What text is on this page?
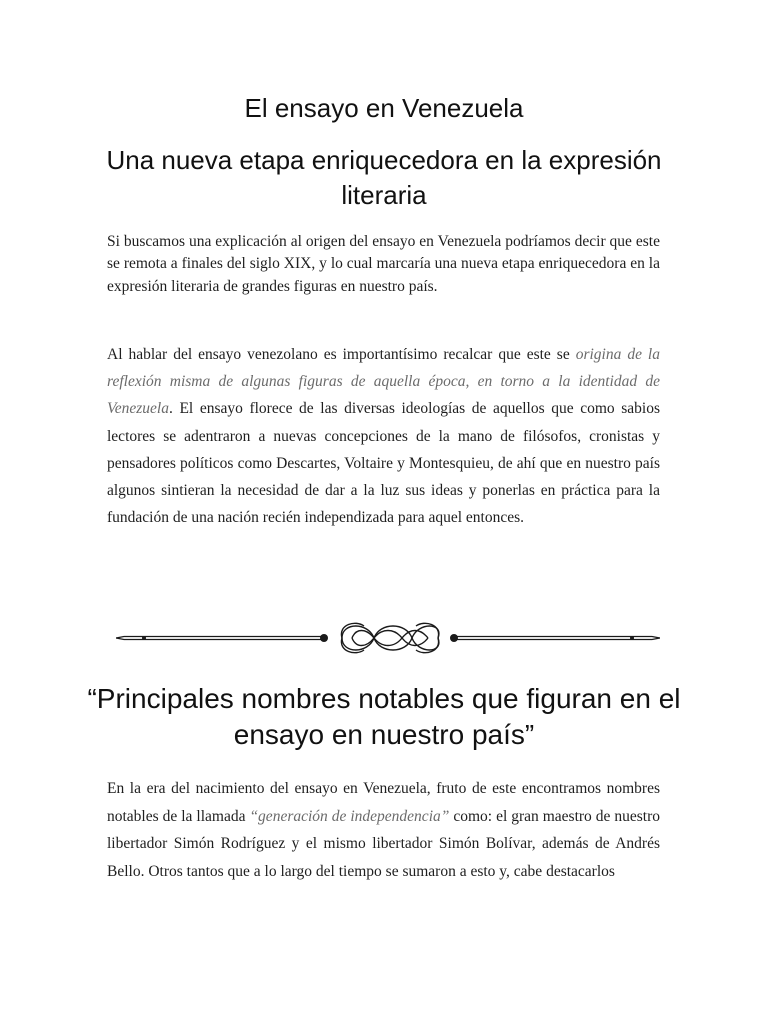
El ensayo en Venezuela
Una nueva etapa enriquecedora en la expresión literaria

Si buscamos una explicación al origen del ensayo en Venezuela podríamos decir que este se remota a finales del siglo XIX, y lo cual marcaría una nueva etapa enriquecedora en la expresión literaria de grandes figuras en nuestro país.

Al hablar del ensayo venezolano es importantísimo recalcar que este se origina de la reflexión misma de algunas figuras de aquella época, en torno a la identidad de Venezuela. El ensayo florece de las diversas ideologías de aquellos que como sabios lectores se adentraron a nuevas concepciones de la mano de filósofos, cronistas y pensadores políticos como Descartes, Voltaire y Montesquieu, de ahí que en nuestro país algunos sintieran la necesidad de dar a la luz sus ideas y ponerlas en práctica para la fundación de una nación recién independizada para aquel entonces.

“Principales nombres notables que figuran en el ensayo en nuestro país”

En la era del nacimiento del ensayo en Venezuela, fruto de este encontramos nombres notables de la llamada “generación de independencia” como: el gran maestro de nuestro libertador Simón Rodríguez y el mismo libertador Simón Bolívar, además de Andrés Bello. Otros tantos que a lo largo del tiempo se sumaron a esto y, cabe destacarlos
